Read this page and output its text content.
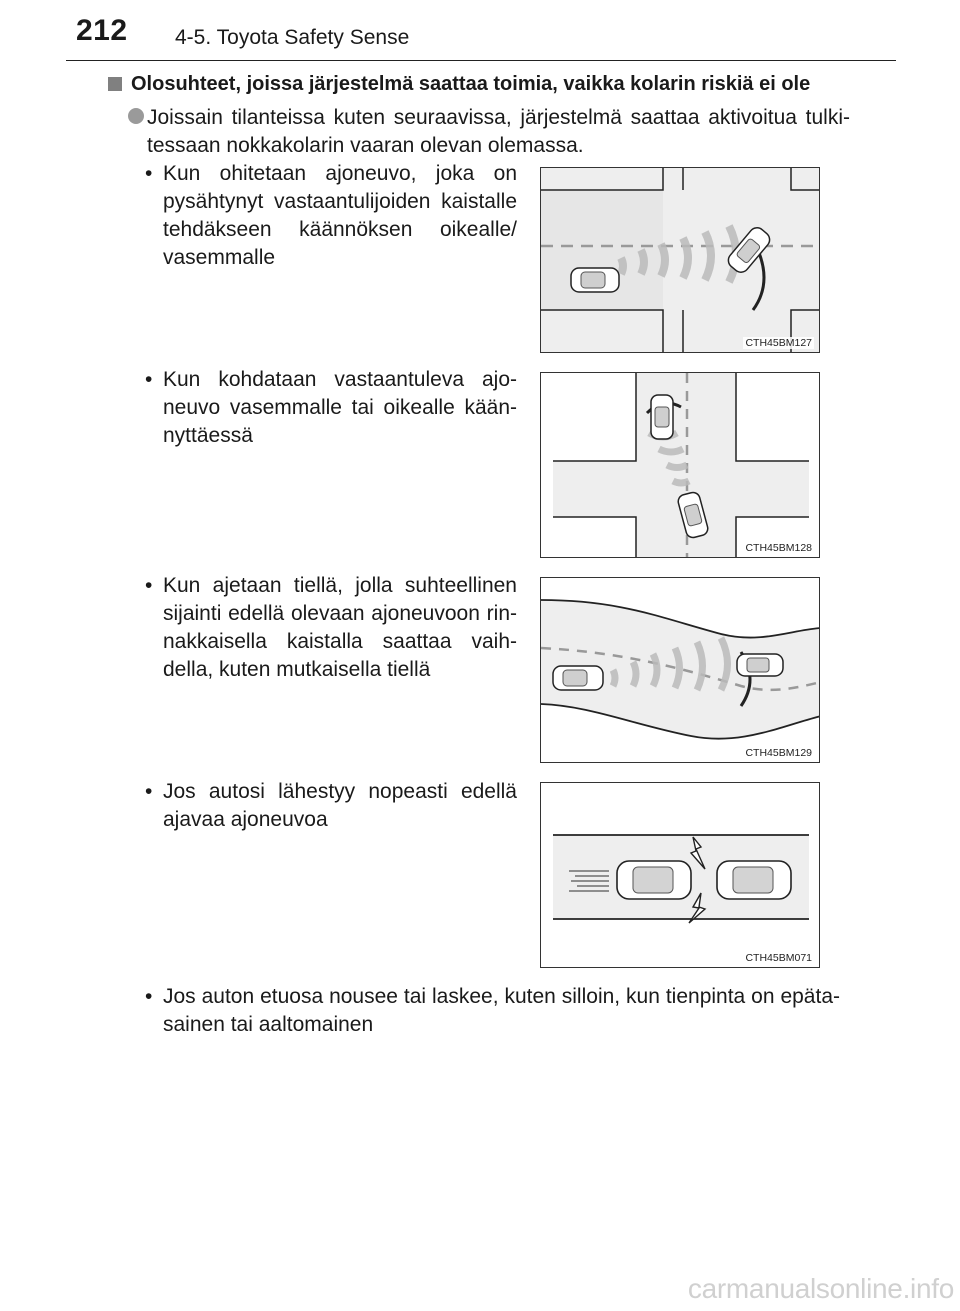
212 4-5. Toyota Safety Sense
Olosuhteet, joissa järjestelmä saattaa toimia, vaikka kolarin riskiä ei ole
Joissain tilanteissa kuten seuraavissa, järjestelmä saattaa aktivoitua tulki-tessaan nokkakolarin vaaran olevan olemassa.
• Kun ohitetaan ajoneuvo, joka on pysähtynyt vastaantulijoiden kaistalle tehdäkseen käännöksen oikealle/ vasemmalle
CTH45BM127
• Kun kohdataan vastaantuleva ajo-neuvo vasemmalle tai oikealle kään-nyttäessä
CTH45BM128
• Kun ajetaan tiellä, jolla suhteellinen sijainti edellä olevaan ajoneuvoon rin-nakkaisella kaistalla saattaa vaih-della, kuten mutkaisella tiellä
CTH45BM129
• Jos autosi lähestyy nopeasti edellä ajavaa ajoneuvoa
CTH45BM071
• Jos auton etuosa nousee tai laskee, kuten silloin, kun tienpinta on epäta-sainen tai aaltomainen
carmanualsonline.info
